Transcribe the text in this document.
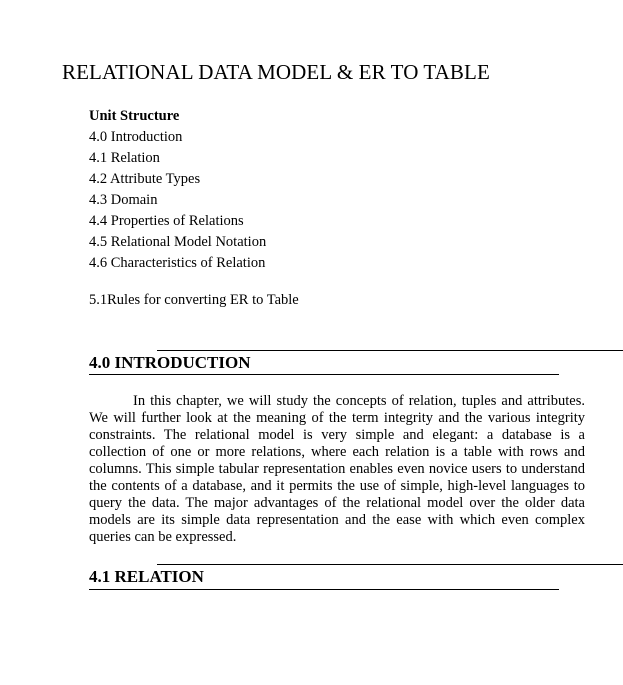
RELATIONAL DATA MODEL & ER TO TABLE
Unit Structure
4.0 Introduction
4.1 Relation
4.2 Attribute Types
4.3 Domain
4.4 Properties of Relations
4.5 Relational Model Notation
4.6 Characteristics of Relation
5.1Rules for converting ER to Table
4.0 INTRODUCTION
In this chapter, we will study the concepts of relation, tuples and attributes. We will further look at the meaning of the term integrity and the various integrity constraints. The relational model is very simple and elegant: a database is a collection of one or more relations, where each relation is a table with rows and columns. This simple tabular representation enables even novice users to understand the contents of a database, and it permits the use of simple, high-level languages to query the data. The major advantages of the relational model over the older data models are its simple data representation and the ease with which even complex queries can be expressed.
4.1 RELATION
